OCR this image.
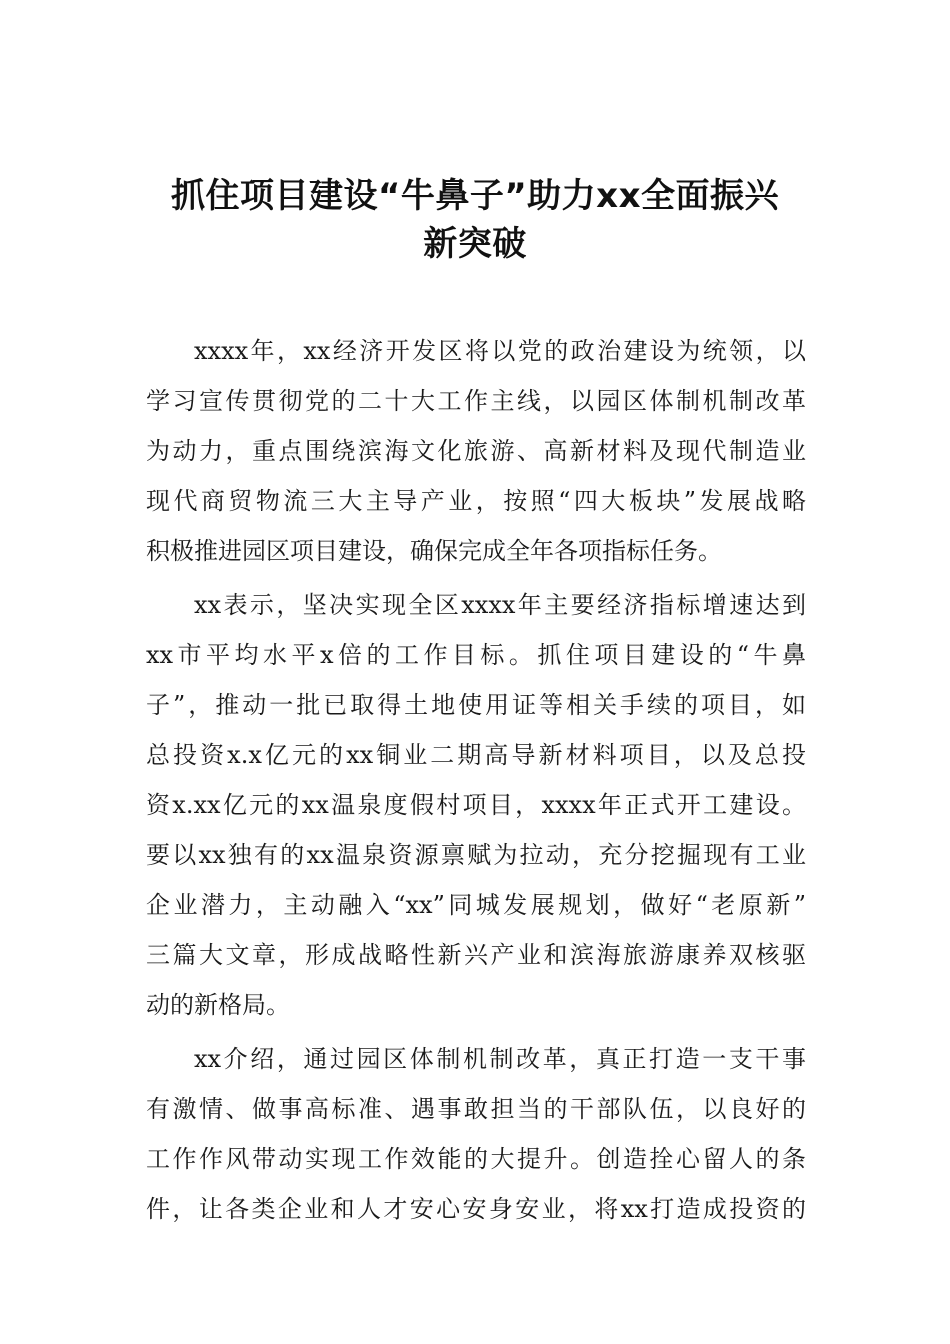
抓住项目建设“牛鼻子”助力xx全面振兴
新突破
xxxx年，xx经济开发区将以党的政治建设为统领，以
学习宣传贯彻党的二十大工作主线，以园区体制机制改革
为动力，重点围绕滨海文化旅游、高新材料及现代制造业
现代商贸物流三大主导产业，按照“四大板块”发展战略
积极推进园区项目建设，确保完成全年各项指标任务。
xx表示，坚决实现全区xxxx年主要经济指标增速达到
xx市平均水平x倍的工作目标。抓住项目建设的“牛鼻
子”，推动一批已取得土地使用证等相关手续的项目，如
总投资x.x亿元的xx铜业二期高导新材料项目，以及总投
资x.xx亿元的xx温泉度假村项目，xxxx年正式开工建设。
要以xx独有的xx温泉资源禀赋为拉动，充分挖掘现有工业
企业潜力，主动融入“xx”同城发展规划，做好“老原新”
三篇大文章，形成战略性新兴产业和滨海旅游康养双核驱
动的新格局。
xx介绍，通过园区体制机制改革，真正打造一支干事
有激情、做事高标准、遇事敢担当的干部队伍，以良好的
工作作风带动实现工作效能的大提升。创造拴心留人的条
件，让各类企业和人才安心安身安业，将xx打造成投资的
